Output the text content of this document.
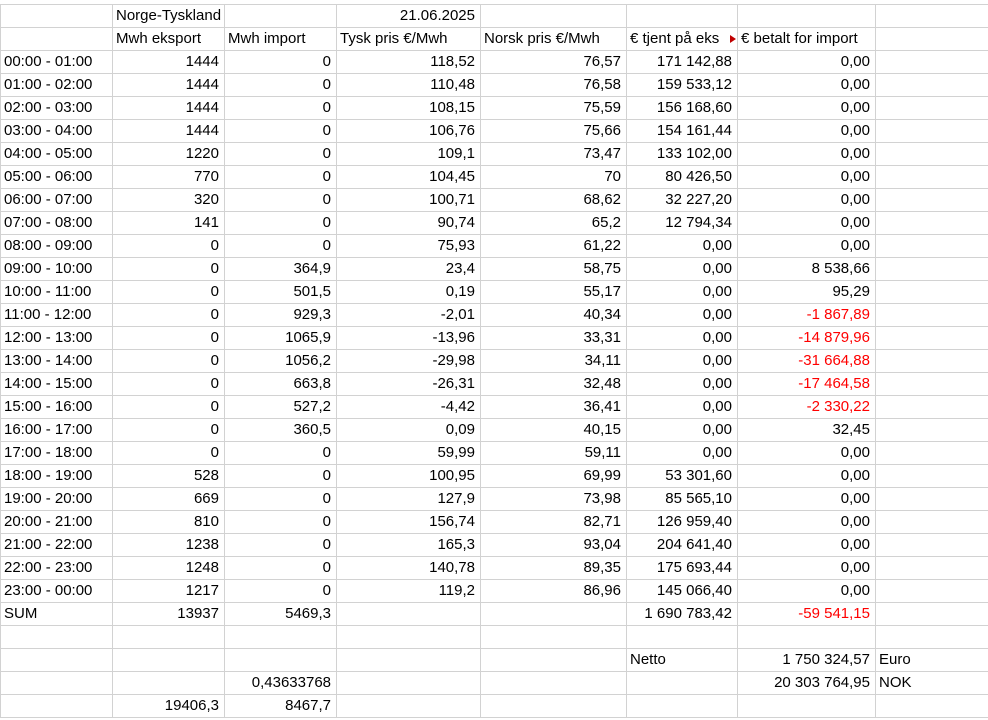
	Norge-Tyskland		21.06.2025				
	Mwh eksport	Mwh import	Tysk pris €/Mwh	Norsk pris €/Mwh	€ tjent på eks	€ betalt for import	
00:00 - 01:00	1444	0	118,52	76,57	171 142,88	0,00	
01:00 - 02:00	1444	0	110,48	76,58	159 533,12	0,00	
02:00 - 03:00	1444	0	108,15	75,59	156 168,60	0,00	
03:00 - 04:00	1444	0	106,76	75,66	154 161,44	0,00	
04:00 - 05:00	1220	0	109,1	73,47	133 102,00	0,00	
05:00 - 06:00	770	0	104,45	70	80 426,50	0,00	
06:00 - 07:00	320	0	100,71	68,62	32 227,20	0,00	
07:00 - 08:00	141	0	90,74	65,2	12 794,34	0,00	
08:00 - 09:00	0	0	75,93	61,22	0,00	0,00	
09:00 - 10:00	0	364,9	23,4	58,75	0,00	8 538,66	
10:00 - 11:00	0	501,5	0,19	55,17	0,00	95,29	
11:00 - 12:00	0	929,3	-2,01	40,34	0,00	-1 867,89	
12:00 - 13:00	0	1065,9	-13,96	33,31	0,00	-14 879,96	
13:00 - 14:00	0	1056,2	-29,98	34,11	0,00	-31 664,88	
14:00 - 15:00	0	663,8	-26,31	32,48	0,00	-17 464,58	
15:00 - 16:00	0	527,2	-4,42	36,41	0,00	-2 330,22	
16:00 - 17:00	0	360,5	0,09	40,15	0,00	32,45	
17:00 - 18:00	0	0	59,99	59,11	0,00	0,00	
18:00 - 19:00	528	0	100,95	69,99	53 301,60	0,00	
19:00 - 20:00	669	0	127,9	73,98	85 565,10	0,00	
20:00 - 21:00	810	0	156,74	82,71	126 959,40	0,00	
21:00 - 22:00	1238	0	165,3	93,04	204 641,40	0,00	
22:00 - 23:00	1248	0	140,78	89,35	175 693,44	0,00	
23:00 - 00:00	1217	0	119,2	86,96	145 066,40	0,00	
SUM	13937	5469,3			1 690 783,42	-59 541,15	

					Netto	1 750 324,57	Euro
		0,43633768				20 303 764,95	NOK
	19406,3	8467,7					
